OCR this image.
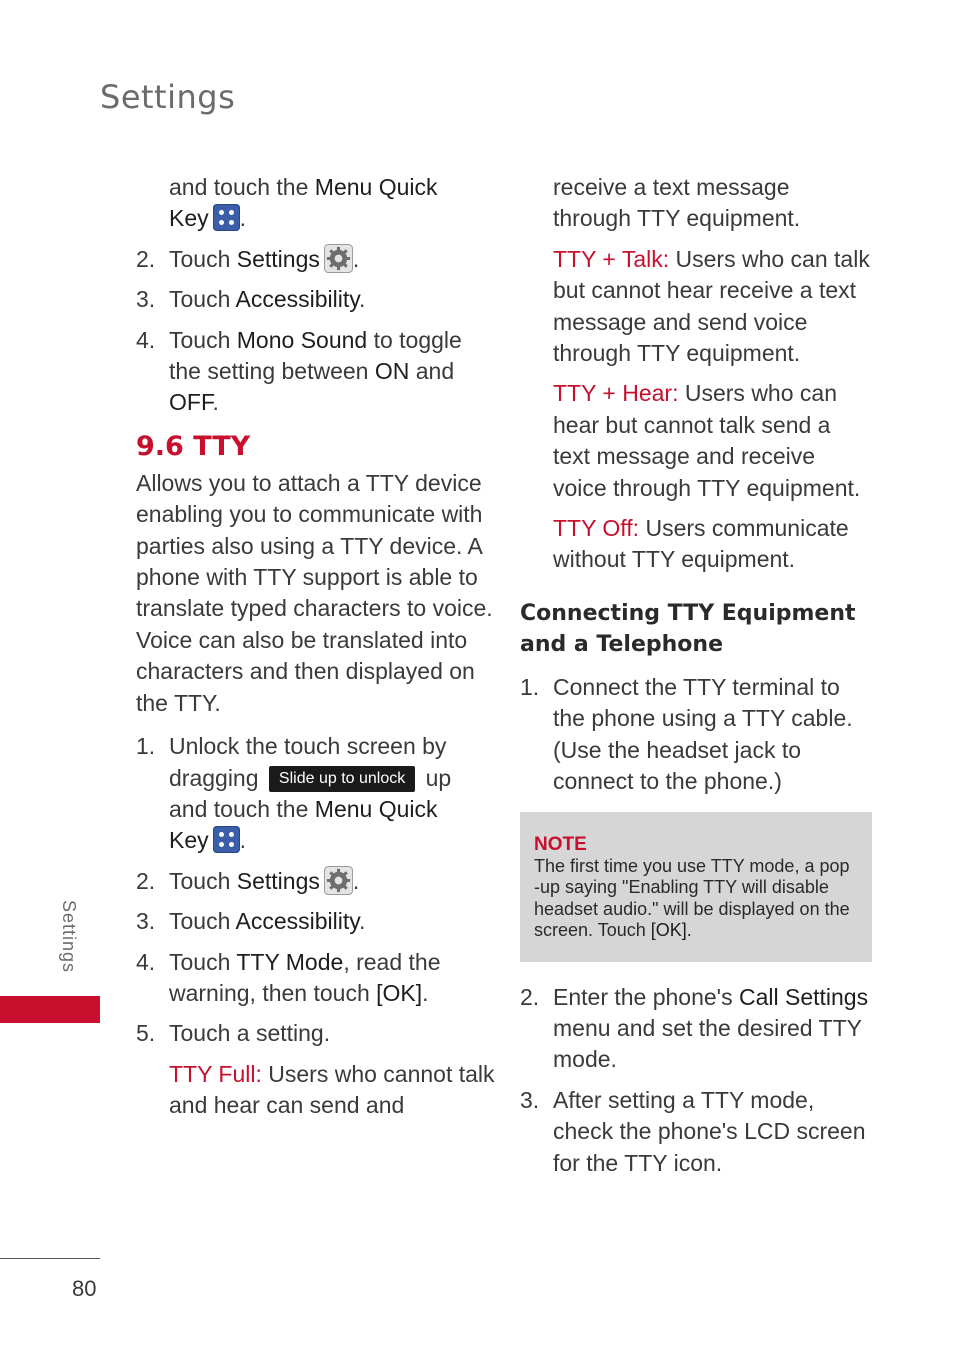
Settings

and touch the Menu Quick
Key .

2. Touch Settings .
3. Touch Accessibility.
4. Touch Mono Sound to toggle the setting between ON and OFF.
9.6 TTY

Allows you to attach a TTY device enabling you to communicate with parties also using a TTY device. A phone with TTY support is able to translate typed characters to voice. Voice can also be translated into characters and then displayed on the TTY.

1. Unlock the touch screen by dragging Slide up to unlock up
and touch the Menu Quick
Key .
2. Touch Settings .
3. Touch Accessibility.
4. Touch TTY Mode, read the warning, then touch [OK].
5. Touch a setting.

TTY Full: Users who cannot talk and hear can send and

receive a text message through TTY equipment.

TTY + Talk: Users who can talk but cannot hear receive a text message and send voice through TTY equipment.

TTY + Hear: Users who can hear but cannot talk send a text message and receive voice through TTY equipment.

TTY Off: Users communicate without TTY equipment.

Connecting TTY Equipment and a Telephone
1. Connect the TTY terminal to the phone using a TTY cable. (Use the headset jack to connect to the phone.)
NOTE
The first time you use TTY mode, a pop -up saying "Enabling TTY will disable headset audio." will be displayed on the screen. Touch [OK].
2. Enter the phone's Call Settings menu and set the desired TTY mode.
3. After setting a TTY mode, check the phone's LCD screen for the TTY icon.
Settings
80
